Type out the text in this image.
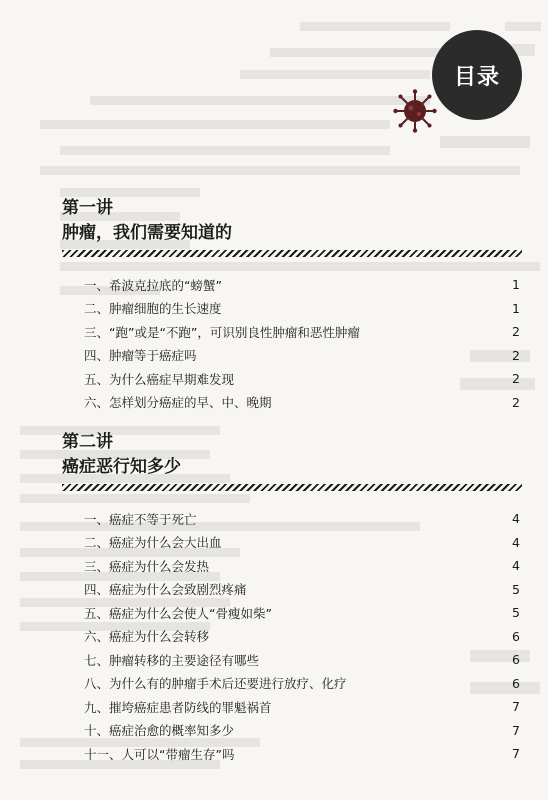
目录

第一讲

肿瘤，我们需要知道的

一、希波克拉底的“螃蟹”	1
二、肿瘤细胞的生长速度	1
三、“跑”或是“不跑”，可识别良性肿瘤和恶性肿瘤	2
四、肿瘤等于癌症吗	2
五、为什么癌症早期难发现	2
六、怎样划分癌症的早、中、晚期	2

第二讲

癌症恶行知多少

一、癌症不等于死亡	4
二、癌症为什么会大出血	4
三、癌症为什么会发热	4
四、癌症为什么会致剧烈疼痛	5
五、癌症为什么会使人“骨瘦如柴”	5
六、癌症为什么会转移	6
七、肿瘤转移的主要途径有哪些	6
八、为什么有的肿瘤手术后还要进行放疗、化疗	6
九、摧垮癌症患者防线的罪魁祸首	7
十、癌症治愈的概率知多少	7
十一、人可以“带瘤生存”吗	7
